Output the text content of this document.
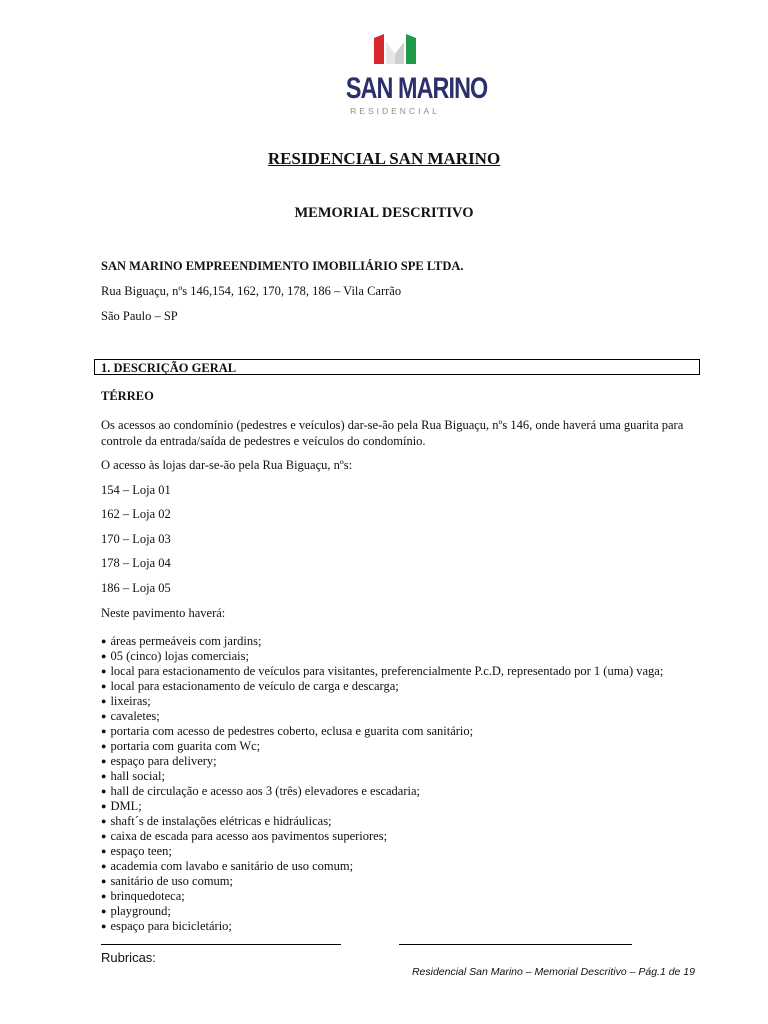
SAN MARINO
RESIDENCIAL
RESIDENCIAL SAN MARINO
MEMORIAL DESCRITIVO
SAN MARINO EMPREENDIMENTO IMOBILIÁRIO SPE LTDA.
Rua Biguaçu, nºs 146,154, 162, 170, 178, 186 – Vila Carrão
São Paulo – SP
1. DESCRIÇÃO GERAL
TÉRREO
Os acessos ao condomínio (pedestres e veículos) dar-se-ão pela Rua Biguaçu, nºs 146, onde haverá uma guarita para controle da entrada/saída de pedestres e veículos do condomínio.
O acesso às lojas dar-se-ão pela Rua Biguaçu, nºs:
154 – Loja 01
162 – Loja 02
170 – Loja 03
178 – Loja 04
186 – Loja 05
Neste pavimento haverá:
● áreas permeáveis com jardins;
● 05 (cinco) lojas comerciais;
● local para estacionamento de veículos para visitantes, preferencialmente P.c.D, representado por 1 (uma) vaga;
● local para estacionamento de veículo de carga e descarga;
● lixeiras;
● cavaletes;
● portaria com acesso de pedestres coberto, eclusa e guarita com sanitário;
● portaria com guarita com Wc;
● espaço para delivery;
● hall social;
● hall de circulação e acesso aos 3 (três) elevadores e escadaria;
● DML;
● shaft´s de instalações elétricas e hidráulicas;
● caixa de escada para acesso aos pavimentos superiores;
● espaço teen;
● academia com lavabo e sanitário de uso comum;
● sanitário de uso comum;
● brinquedoteca;
● playground;
● espaço para bicicletário;
Rubricas:
Residencial San Marino – Memorial Descritivo – Pág.1 de 19
